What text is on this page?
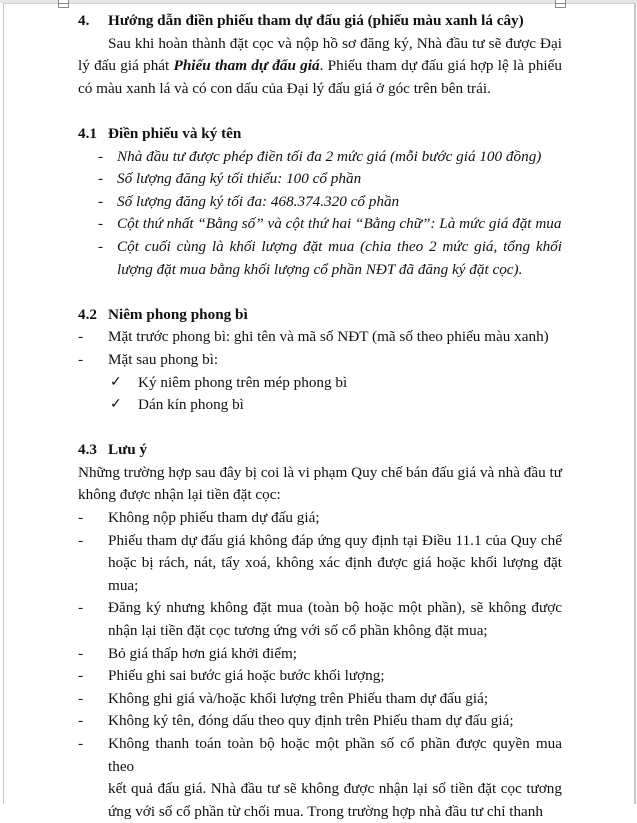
4. Hướng dẫn điền phiếu tham dự đấu giá (phiếu màu xanh lá cây)
Sau khi hoàn thành đặt cọc và nộp hồ sơ đăng ký, Nhà đầu tư sẽ được Đại
lý đấu giá phát Phiếu tham dự đấu giá. Phiếu tham dự đấu giá hợp lệ là phiếu
có màu xanh lá và có con dấu của Đại lý đấu giá ở góc trên bên trái.
4.1 Điền phiếu và ký tên
- Nhà đầu tư được phép điền tối đa 2 mức giá (mỗi bước giá 100 đồng)
- Số lượng đăng ký tối thiểu: 100 cổ phần
- Số lượng đăng ký tối đa: 468.374.320 cổ phần
- Cột thứ nhất “Bằng số” và cột thứ hai “Bằng chữ”: Là mức giá đặt mua
- Cột cuối cùng là khối lượng đặt mua (chia theo 2 mức giá, tổng khối
lượng đặt mua bằng khối lượng cổ phần NĐT đã đăng ký đặt cọc).
4.2 Niêm phong phong bì
-	Mặt trước phong bì: ghi tên và mã số NĐT (mã số theo phiếu màu xanh)
-	Mặt sau phong bì:
✓	Ký niêm phong trên mép phong bì
✓	Dán kín phong bì
4.3 Lưu ý
Những trường hợp sau đây bị coi là vi phạm Quy chế bán đấu giá và nhà đầu tư
không được nhận lại tiền đặt cọc:
-	Không nộp phiếu tham dự đấu giá;
-	Phiếu tham dự đấu giá không đáp ứng quy định tại Điều 11.1 của Quy chế
hoặc bị rách, nát, tẩy xoá, không xác định được giá hoặc khối lượng đặt
mua;
-	Đăng ký nhưng không đặt mua (toàn bộ hoặc một phần), sẽ không được
nhận lại tiền đặt cọc tương ứng với số cổ phần không đặt mua;
-	Bỏ giá thấp hơn giá khởi điểm;
-	Phiếu ghi sai bước giá hoặc bước khối lượng;
-	Không ghi giá và/hoặc khối lượng trên Phiếu tham dự đấu giá;
-	Không ký tên, đóng dấu theo quy định trên Phiếu tham dự đấu giá;
-	Không thanh toán toàn bộ hoặc một phần số cổ phần được quyền mua theo
kết quả đấu giá. Nhà đầu tư sẽ không được nhận lại số tiền đặt cọc tương
ứng với số cổ phần từ chối mua. Trong trường hợp nhà đầu tư chỉ thanh
